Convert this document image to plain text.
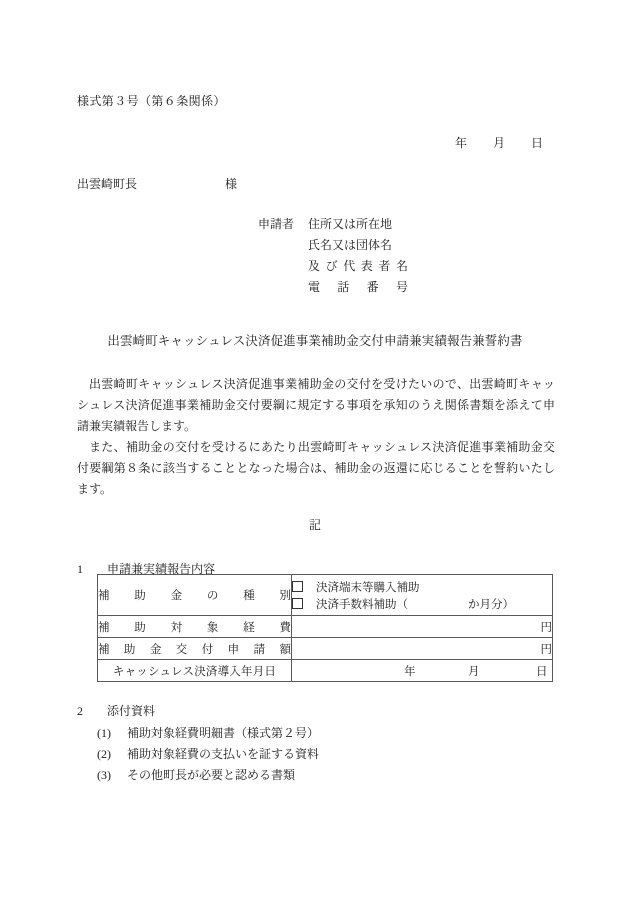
様式第３号（第６条関係）
年 月 日
出雲崎町長	様
申請者	住所又は所在地
氏名又は団体名
及び代表者名
電話番号
出雲崎町キャッシュレス決済促進事業補助金交付申請兼実績報告兼誓約書
出雲崎町キャッシュレス決済促進事業補助金の交付を受けたいので、出雲崎町キャッシュレス決済促進事業補助金交付要綱に規定する事項を承知のうえ関係書類を添えて申請兼実績報告します。
また、補助金の交付を受けるにあたり出雲崎町キャッシュレス決済促進事業補助金交付要綱第８条に該当することとなった場合は、補助金の返還に応じることを誓約いたします。
記
1 申請兼実績報告内容
補助金の種別	決済端末等購入補助
決済手数料補助（ か月分）

補助対象経費	円

補助金交付申請額	円

キャッシュレス決済導入年月日	年 月 日
2 添付資料
(1) 補助対象経費明細書（様式第２号）
(2) 補助対象経費の支払いを証する資料
(3) その他町長が必要と認める書類
